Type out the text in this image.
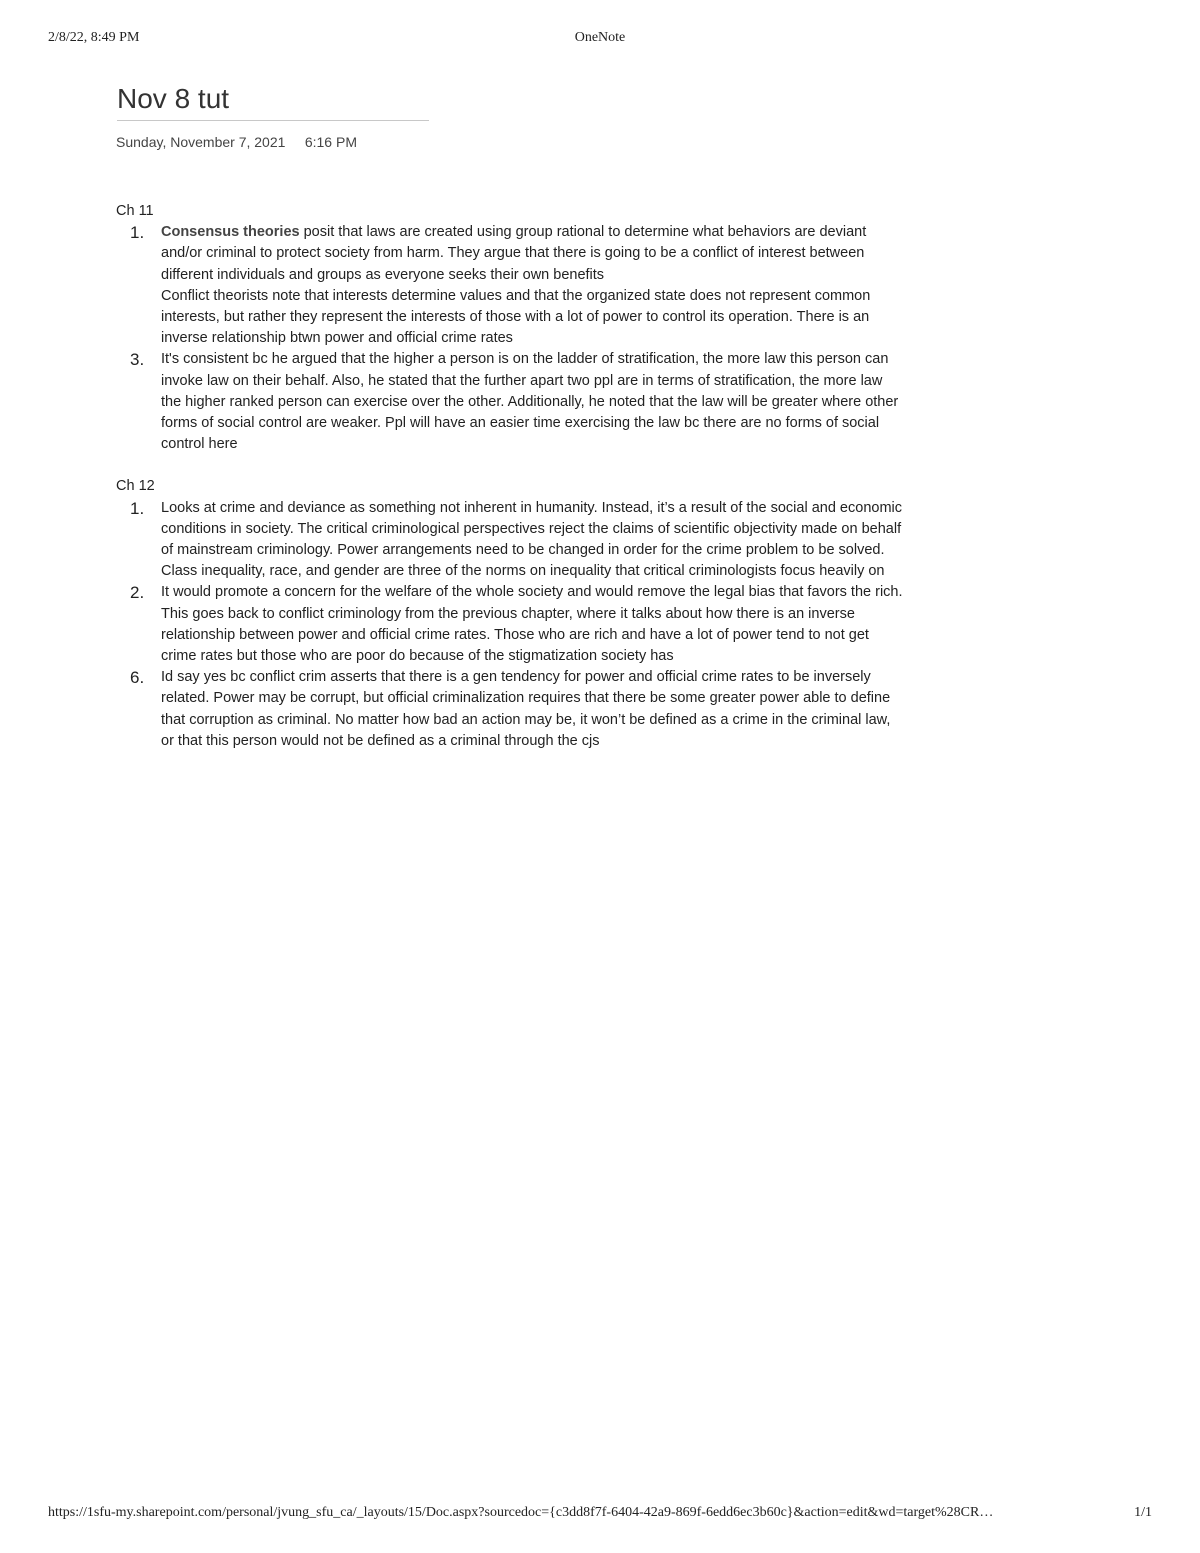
2/8/22, 8:49 PM	OneNote
Nov 8 tut
Sunday, November 7, 2021     6:16 PM

Ch 11

1.	Consensus theories posit that laws are created using group rational to determine what behaviors are deviant and/or criminal to protect society from harm. They argue that there is going to be a conflict of interest between different individuals and groups as everyone seeks their own benefits

Conflict theorists note that interests determine values and that the organized state does not represent common interests, but rather they represent the interests of those with a lot of power to control its operation. There is an inverse relationship btwn power and official crime rates

3.	It's consistent bc he argued that the higher a person is on the ladder of stratification, the more law this person can invoke law on their behalf. Also, he stated that the further apart two ppl are in terms of stratification, the more law the higher ranked person can exercise over the other. Additionally, he noted that the law will be greater where other forms of social control are weaker. Ppl will have an easier time exercising the law bc there are no forms of social control here

Ch 12

1.	Looks at crime and deviance as something not inherent in humanity. Instead, it’s a result of the social and economic conditions in society. The critical criminological perspectives reject the claims of scientific objectivity made on behalf of mainstream criminology. Power arrangements need to be changed in order for the crime problem to be solved. Class inequality, race, and gender are three of the norms on inequality that critical criminologists focus heavily on

2.	It would promote a concern for the welfare of the whole society and would remove the legal bias that favors the rich. This goes back to conflict criminology from the previous chapter, where it talks about how there is an inverse relationship between power and official crime rates. Those who are rich and have a lot of power tend to not get crime rates but those who are poor do because of the stigmatization society has

6.	Id say yes bc conflict crim asserts that there is a gen tendency for power and official crime rates to be inversely related. Power may be corrupt, but official criminalization requires that there be some greater power able to define that corruption as criminal. No matter how bad an action may be, it won’t be defined as a crime in the criminal law, or that this person would not be defined as a criminal through the cjs

https://1sfu-my.sharepoint.com/personal/jvung_sfu_ca/_layouts/15/Doc.aspx?sourcedoc={c3dd8f7f-6404-42a9-869f-6edd6ec3b60c}&action=edit&wd=target%28CR…	1/1
